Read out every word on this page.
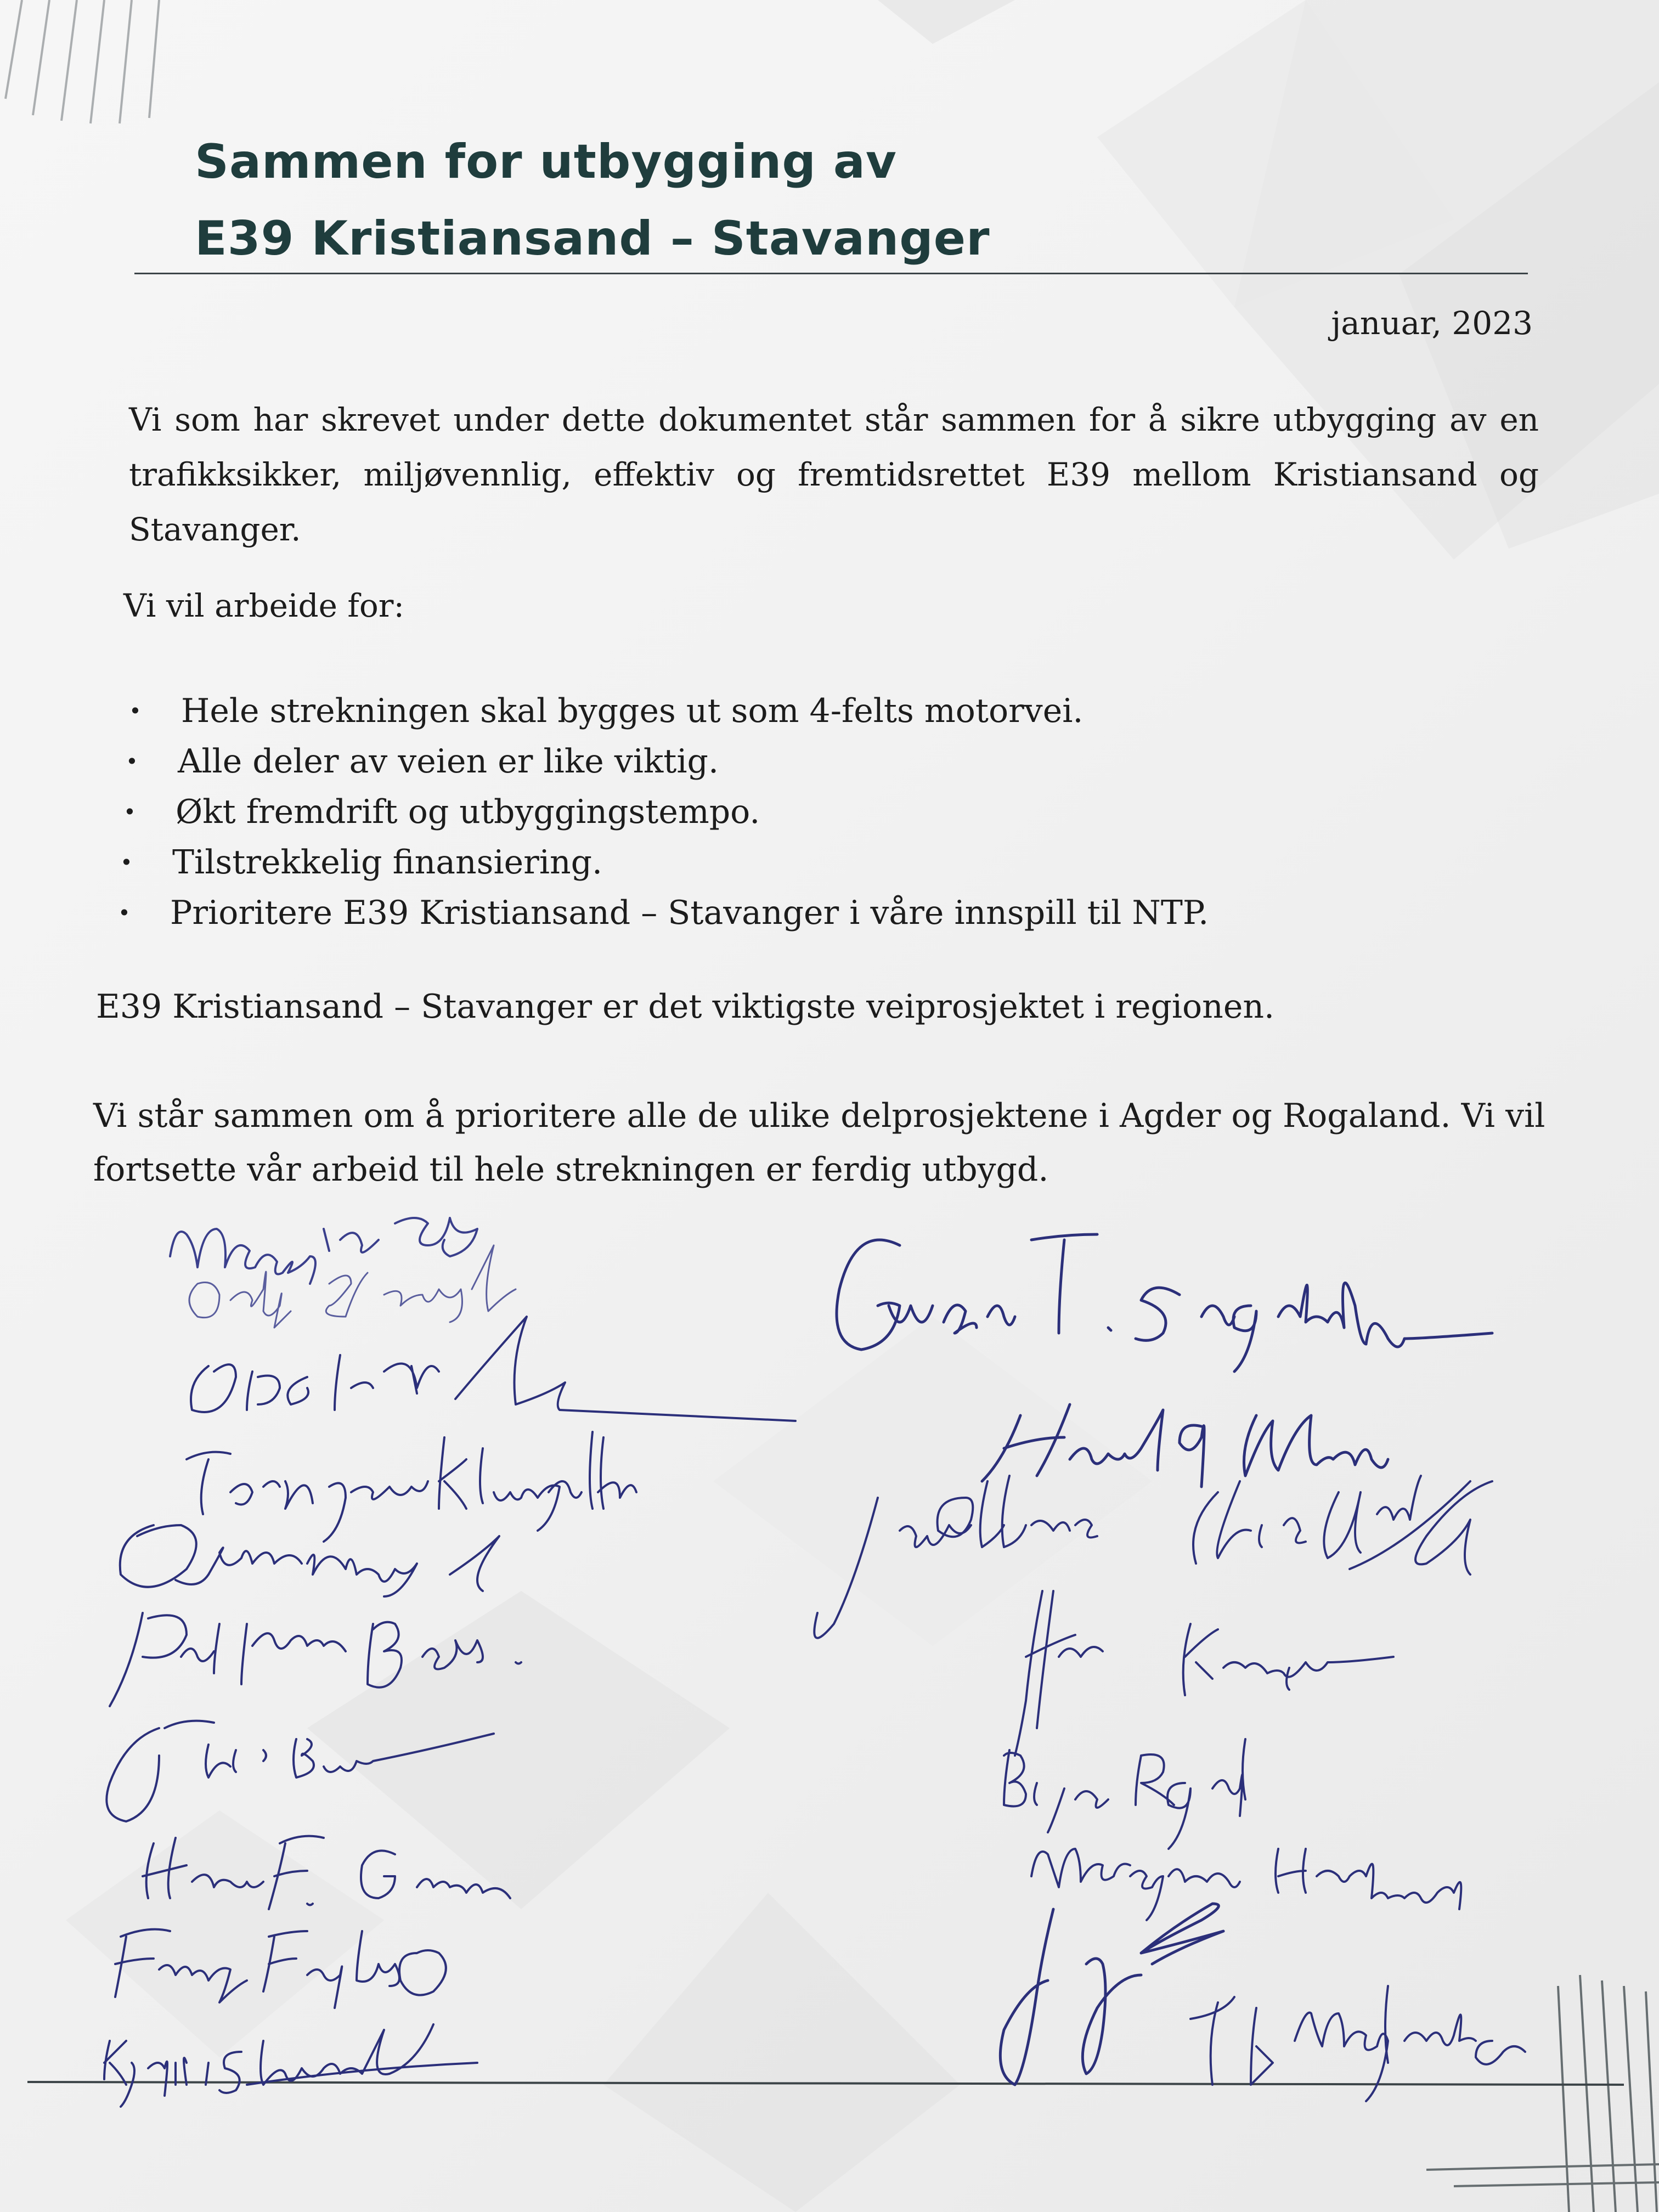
Sammen for utbygging av
E39 Kristiansand – Stavanger
januar, 2023

Vi som har skrevet under dette dokumentet står sammen for å sikre utbygging av en trafikksikker, miljøvennlig, effektiv og fremtidsrettet E39 mellom Kristiansand og Stavanger.

Vi vil arbeide for:

· Hele strekningen skal bygges ut som 4-felts motorvei.
· Alle deler av veien er like viktig.
· Økt fremdrift og utbyggingstempo.
· Tilstrekkelig finansiering.
· Prioritere E39 Kristiansand – Stavanger i våre innspill til NTP.

E39 Kristiansand – Stavanger er det viktigste veiprosjektet i regionen.

Vi står sammen om å prioritere alle de ulike delprosjektene i Agder og Rogaland. Vi vil fortsette vår arbeid til hele strekningen er ferdig utbygd.
